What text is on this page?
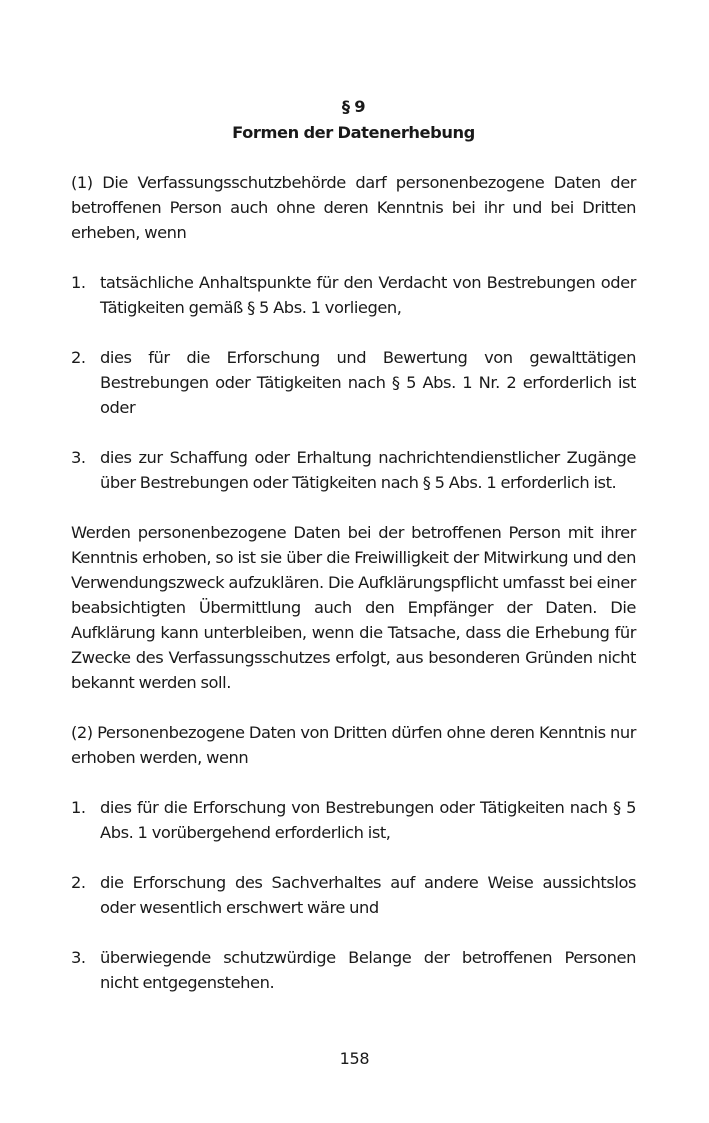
§ 9
Formen der Datenerhebung

(1) Die Verfassungsschutzbehörde darf personenbezogene Daten der betroffenen Person auch ohne deren Kenntnis bei ihr und bei Dritten erheben, wenn

1. tatsächliche Anhaltspunkte für den Verdacht von Bestrebungen oder Tätigkeiten gemäß § 5 Abs. 1 vorliegen,
2. dies für die Erforschung und Bewertung von gewalttätigen Bestrebungen oder Tätigkeiten nach § 5 Abs. 1 Nr. 2 erforderlich ist oder
3. dies zur Schaffung oder Erhaltung nachrichtendienstlicher Zugänge über Bestrebungen oder Tätigkeiten nach § 5 Abs. 1 erforderlich ist.

Werden personenbezogene Daten bei der betroffenen Person mit ihrer Kenntnis erhoben, so ist sie über die Freiwilligkeit der Mitwirkung und den Verwendungszweck aufzuklären. Die Aufklärungspflicht umfasst bei einer beabsichtigten Übermittlung auch den Empfänger der Daten. Die Aufklärung kann unterbleiben, wenn die Tatsache, dass die Erhebung für Zwecke des Verfassungsschutzes erfolgt, aus besonderen Gründen nicht bekannt werden soll.

(2) Personenbezogene Daten von Dritten dürfen ohne deren Kenntnis nur erhoben werden, wenn

1. dies für die Erforschung von Bestrebungen oder Tätigkeiten nach § 5 Abs. 1 vorübergehend erforderlich ist,
2. die Erforschung des Sachverhaltes auf andere Weise aussichtslos oder wesentlich erschwert wäre und
3. überwiegende schutzwürdige Belange der betroffenen Personen nicht entgegenstehen.
158
